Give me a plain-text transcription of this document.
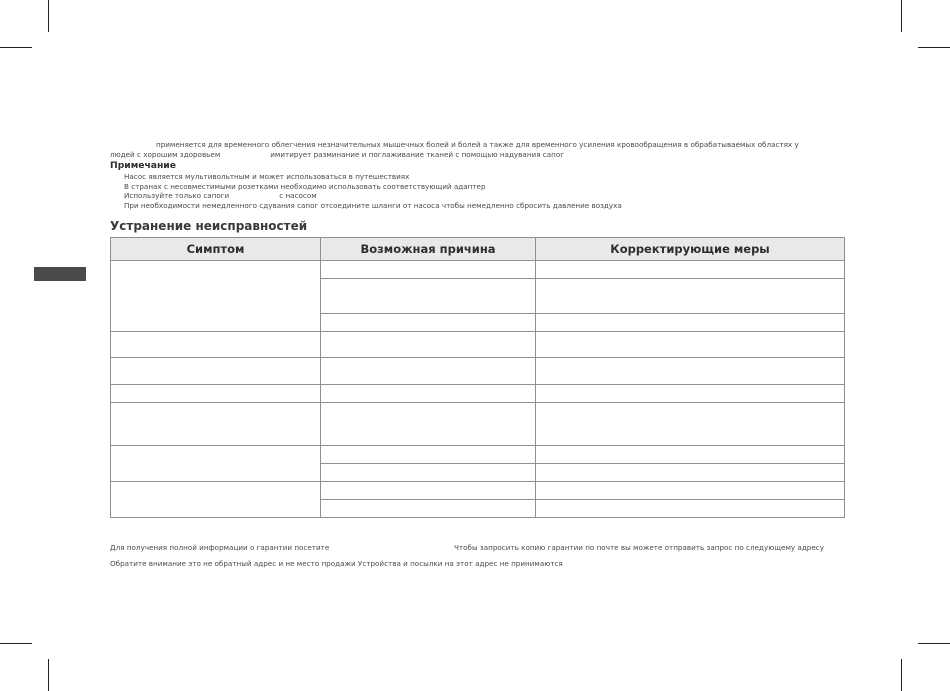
применяется для временного облегчения незначительных мышечных болей и болей а также для временного усиления кровообращения в обрабатываемых областях у
людей с хорошим здоровьем	имитирует разминание и поглаживание тканей с помощью надувания сапог
Примечание
Насос является мультивольтным и может использоваться в путешествиях
В странах с несовместимыми розетками необходимо использовать соответствующий адаптер
Используйте только сапоги	с насосом
При необходимости немедленного сдувания сапог отсоедините шланги от насоса чтобы немедленно сбросить давление воздуха
Устранение неисправностей
Симптом	Возможная причина	Корректирующие меры

Для получения полной информации о гарантии посетите	Чтобы запросить копию гарантии по почте вы можете отправить запрос по следующему адресу
Обратите внимание это не обратный адрес и не место продажи Устройства и посылки на этот адрес не принимаются
